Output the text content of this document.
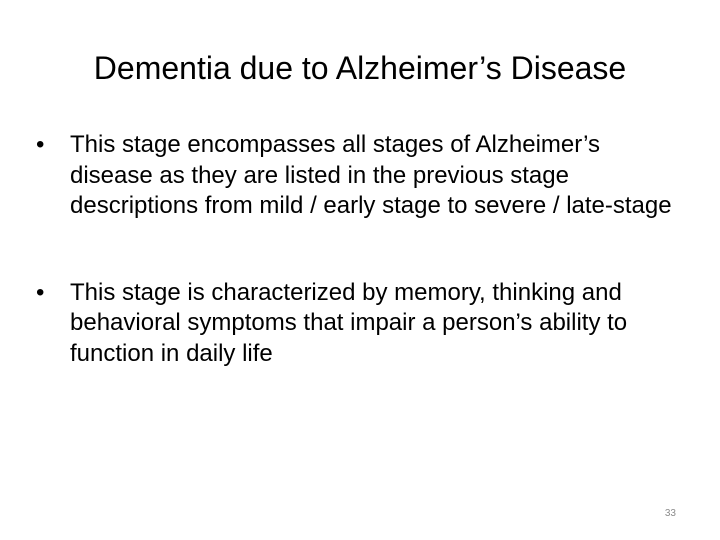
Dementia due to Alzheimer’s Disease
•	This stage encompasses all stages of Alzheimer’s disease as they are listed in the previous stage descriptions from mild / early stage to severe / late-stage
•	This stage is characterized by memory, thinking and behavioral symptoms that impair a person’s ability to function in daily life
33
